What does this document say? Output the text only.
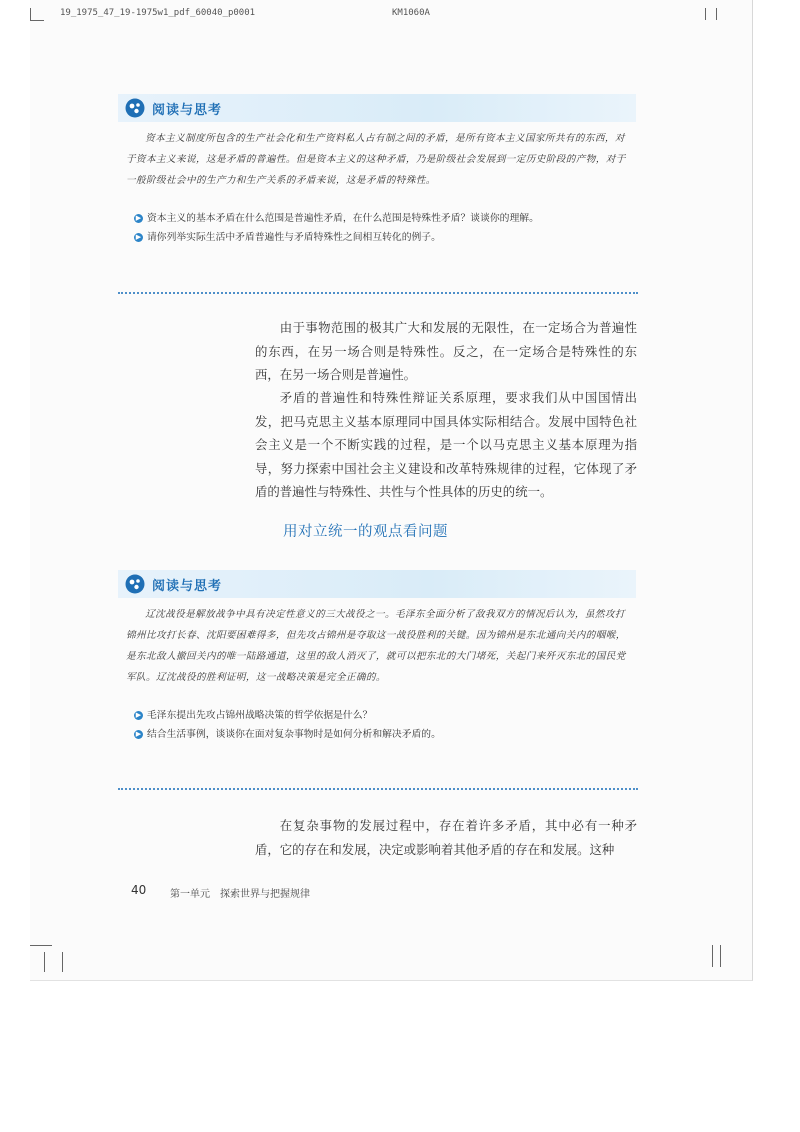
19_1975_47_19-1975w1_pdf_60040_p0001	KM1060A
阅读与思考

资本主义制度所包含的生产社会化和生产资料私人占有制之间的矛盾，是所有资本主义国家所共有的东西，对于资本主义来说，这是矛盾的普遍性。但是资本主义的这种矛盾，乃是阶级社会发展到一定历史阶段的产物，对于一般阶级社会中的生产力和生产关系的矛盾来说，这是矛盾的特殊性。

▶ 资本主义的基本矛盾在什么范围是普遍性矛盾，在什么范围是特殊性矛盾？谈谈你的理解。
▶ 请你列举实际生活中矛盾普遍性与矛盾特殊性之间相互转化的例子。

由于事物范围的极其广大和发展的无限性，在一定场合为普遍性的东西，在另一场合则是特殊性。反之，在一定场合是特殊性的东西，在另一场合则是普遍性。

矛盾的普遍性和特殊性辩证关系原理，要求我们从中国国情出发，把马克思主义基本原理同中国具体实际相结合。发展中国特色社会主义是一个不断实践的过程，是一个以马克思主义基本原理为指导，努力探索中国社会主义建设和改革特殊规律的过程，它体现了矛盾的普遍性与特殊性、共性与个性具体的历史的统一。

用对立统一的观点看问题
阅读与思考

辽沈战役是解放战争中具有决定性意义的三大战役之一。毛泽东全面分析了敌我双方的情况后认为，虽然攻打锦州比攻打长春、沈阳要困难得多，但先攻占锦州是夺取这一战役胜利的关键。因为锦州是东北通向关内的咽喉，是东北敌人撤回关内的唯一陆路通道，这里的敌人消灭了，就可以把东北的大门堵死，关起门来歼灭东北的国民党军队。辽沈战役的胜利证明，这一战略决策是完全正确的。

▶ 毛泽东提出先攻占锦州战略决策的哲学依据是什么？
▶ 结合生活事例，谈谈你在面对复杂事物时是如何分析和解决矛盾的。

在复杂事物的发展过程中，存在着许多矛盾，其中必有一种矛盾，它的存在和发展，决定或影响着其他矛盾的存在和发展。这种

40 第一单元　探索世界与把握规律
